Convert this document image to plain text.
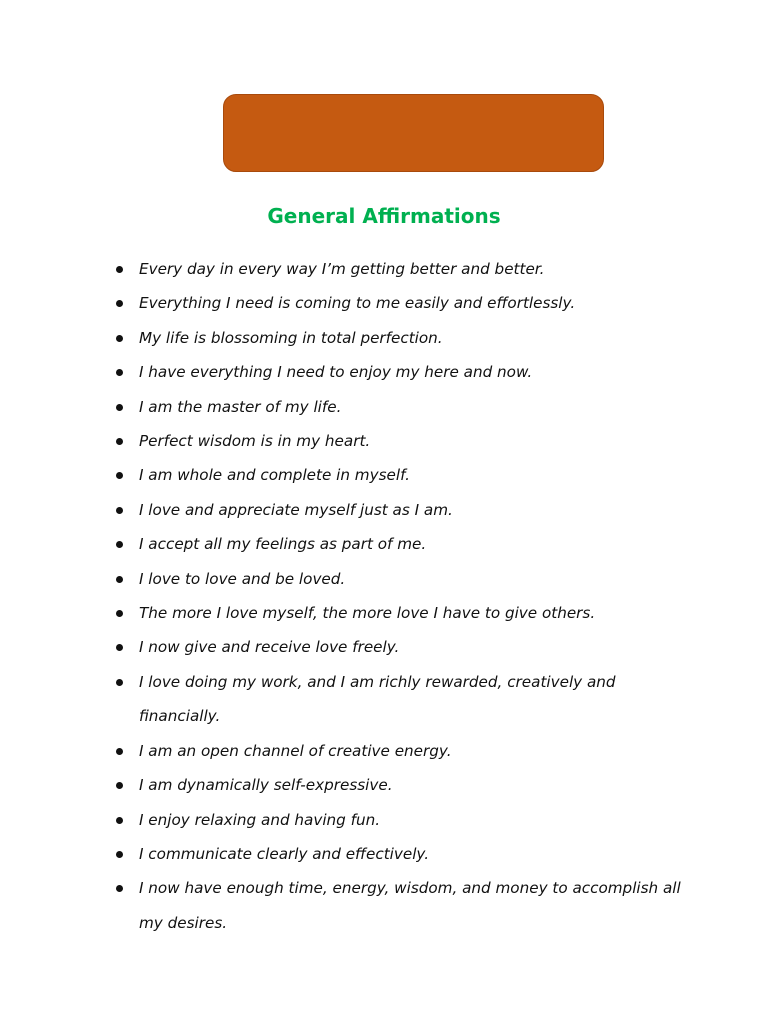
General Affirmations
Every day in every way I’m getting better and better.
Everything I need is coming to me easily and effortlessly.
My life is blossoming in total perfection.
I have everything I need to enjoy my here and now.
I am the master of my life.
Perfect wisdom is in my heart.
I am whole and complete in myself.
I love and appreciate myself just as I am.
I accept all my feelings as part of me.
I love to love and be loved.
The more I love myself, the more love I have to give others.
I now give and receive love freely.
I love doing my work, and I am richly rewarded, creatively and financially.
I am an open channel of creative energy.
I am dynamically self-expressive.
I enjoy relaxing and having fun.
I communicate clearly and effectively.
I now have enough time, energy, wisdom, and money to accomplish all my desires.
